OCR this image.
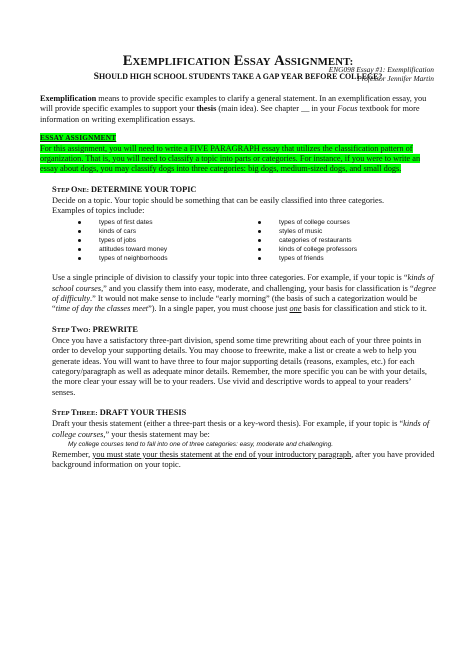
ENG098 Essay #1: Exemplification
Professor Jennifer Martin
EXEMPLIFICATION ESSAY ASSIGNMENT:
SHOULD HIGH SCHOOL STUDENTS TAKE A GAP YEAR BEFORE COLLEGE?

Exemplification means to provide specific examples to clarify a general statement. In an exemplification essay, you will provide specific examples to support your thesis (main idea). See chapter __ in your Focus textbook for more information on writing exemplification essays.

ESSAY ASSIGNMENT
For this assignment, you will need to write a FIVE PARAGRAPH essay that utilizes the classification pattern of organization. That is, you will need to classify a topic into parts or categories. For instance, if you were to write an essay about dogs, you may classify dogs into three categories: big dogs, medium-sized dogs, and small dogs.
STEP ONE: DETERMINE YOUR TOPIC

Decide on a topic. Your topic should be something that can be easily classified into three categories.
Examples of topics include:

types of first dates
kinds of cars
types of jobs
attitudes toward money
types of neighborhoods
types of college courses
styles of music
categories of restaurants
kinds of college professors
types of friends

Use a single principle of division to classify your topic into three categories. For example, if your topic is “kinds of school courses,” and you classify them into easy, moderate, and challenging, your basis for classification is “degree of difficulty.” It would not make sense to include “early morning” (the basis of such a categorization would be “time of day the classes meet”). In a single paper, you must choose just one basis for classification and stick to it.

STEP TWO: PREWRITE

Once you have a satisfactory three-part division, spend some time prewriting about each of your three points in order to develop your supporting details. You may choose to freewrite, make a list or create a web to help you generate ideas. You will want to have three to four major supporting details (reasons, examples, etc.) for each category/paragraph as well as adequate minor details. Remember, the more specific you can be with your details, the more clear your essay will be to your readers. Use vivid and descriptive words to appeal to your readers’ senses.

STEP THREE: DRAFT YOUR THESIS

Draft your thesis statement (either a three-part thesis or a key-word thesis). For example, if your topic is “kinds of college courses,” your thesis statement may be:

My college courses tend to fall into one of three categories: easy, moderate and challenging.

Remember, you must state your thesis statement at the end of your introductory paragraph, after you have provided background information on your topic.
